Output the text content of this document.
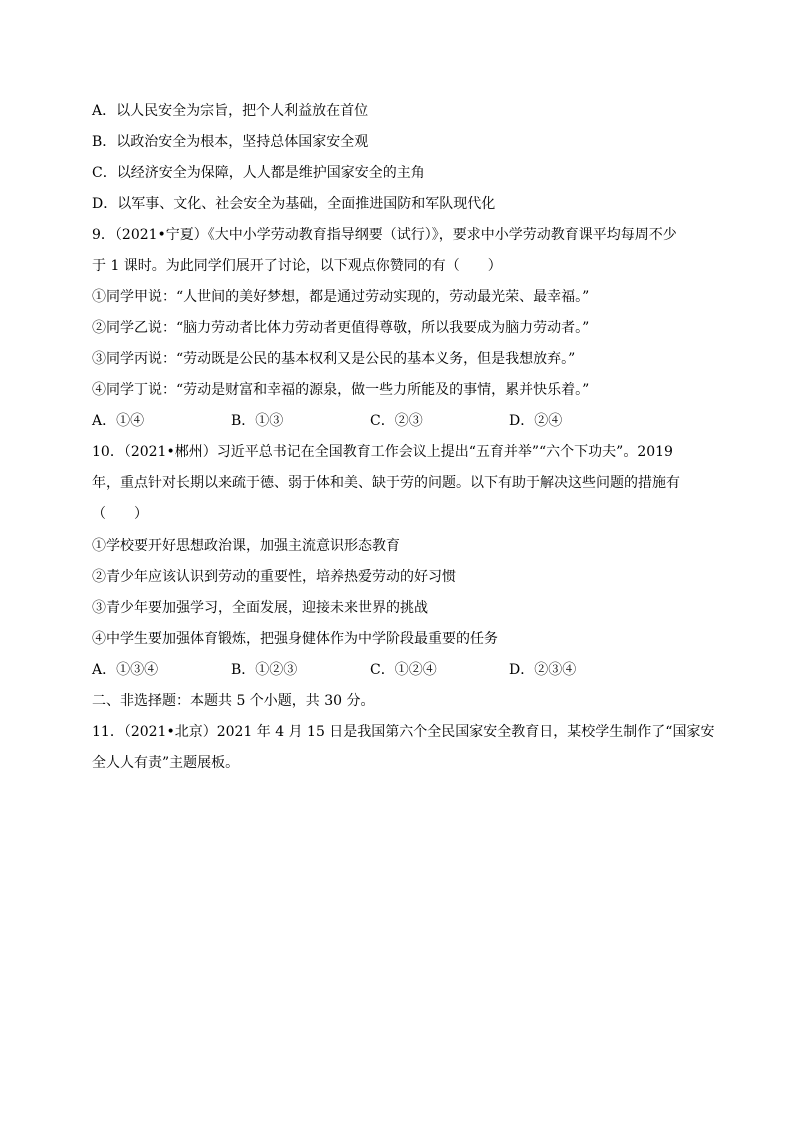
A．以人民安全为宗旨，把个人利益放在首位
B．以政治安全为根本，坚持总体国家安全观
C．以经济安全为保障，人人都是维护国家安全的主角
D．以军事、文化、社会安全为基础，全面推进国防和军队现代化
9．（2021•宁夏）《大中小学劳动教育指导纲要（试行）》，要求中小学劳动教育课平均每周不少
于 1 课时。为此同学们展开了讨论，以下观点你赞同的有（　　）
①同学甲说：“人世间的美好梦想，都是通过劳动实现的，劳动最光荣、最幸福。”
②同学乙说：“脑力劳动者比体力劳动者更值得尊敬，所以我要成为脑力劳动者。”
③同学丙说：“劳动既是公民的基本权利又是公民的基本义务，但是我想放弃。”
④同学丁说：“劳动是财富和幸福的源泉，做一些力所能及的事情，累并快乐着。”
A．①④	B．①③	C．②③	D．②④
10．（2021•郴州）习近平总书记在全国教育工作会议上提出“五育并举”“六个下功夫”。2019
年，重点针对长期以来疏于德、弱于体和美、缺于劳的问题。以下有助于解决这些问题的措施有
（　　）
①学校要开好思想政治课，加强主流意识形态教育
②青少年应该认识到劳动的重要性，培养热爱劳动的好习惯
③青少年要加强学习，全面发展，迎接未来世界的挑战
④中学生要加强体育锻炼，把强身健体作为中学阶段最重要的任务
A．①③④	B．①②③	C．①②④	D．②③④
二、非选择题：本题共 5 个小题，共 30 分。
11．（2021•北京）2021 年 4 月 15 日是我国第六个全民国家安全教育日，某校学生制作了“国家安
全人人有责”主题展板。
